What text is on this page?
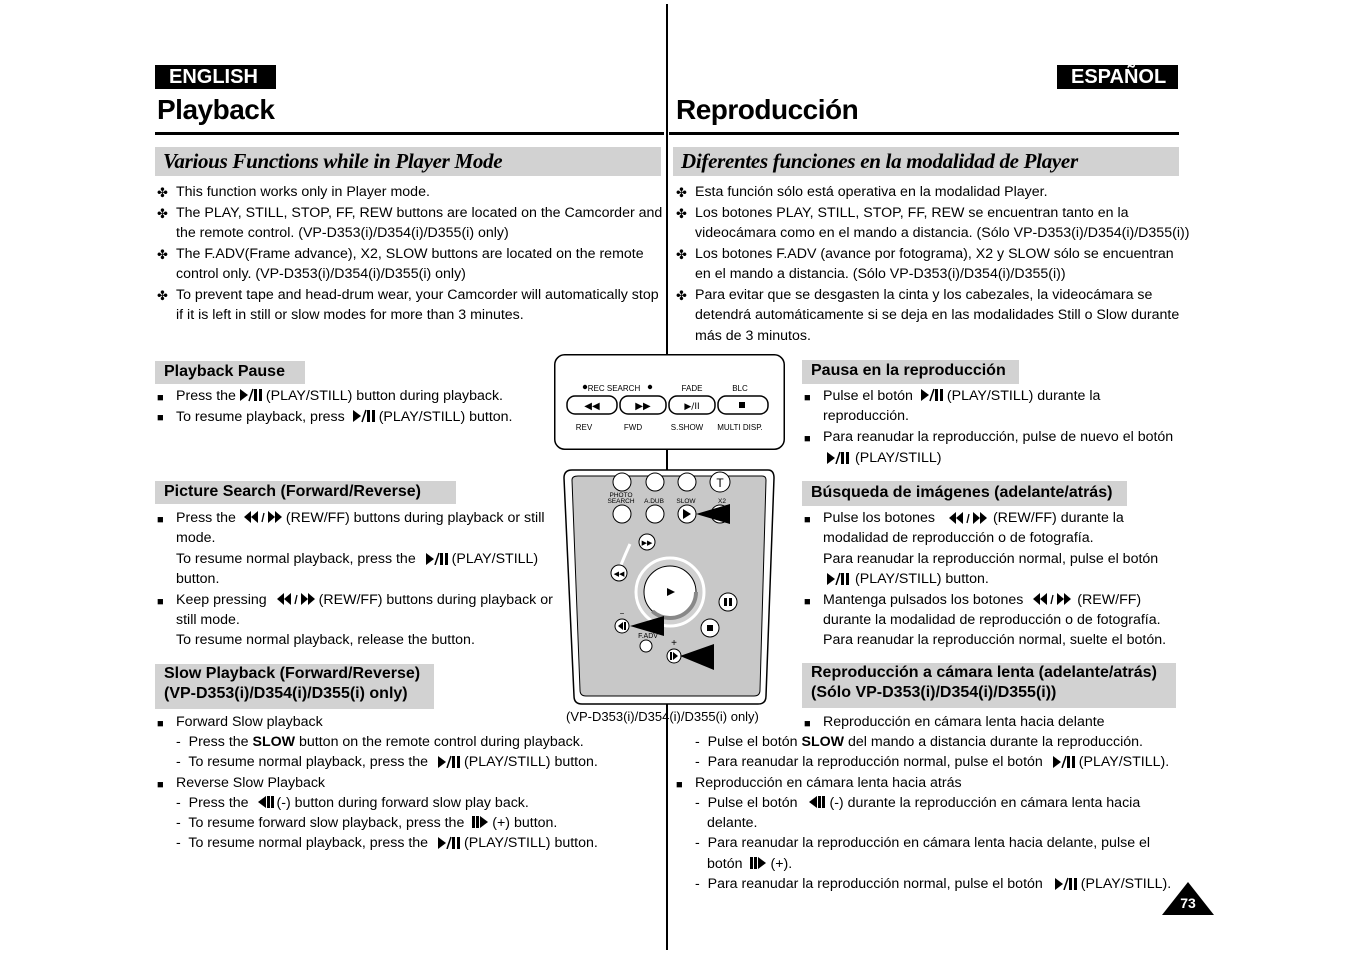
ENGLISH	ESPAÑOL
Playback	Reproducción
Various Functions while in Player Mode	Diferentes funciones en la modalidad de Player
✤ This function works only in Player mode.
✤ The PLAY, STILL, STOP, FF, REW buttons are located on the Camcorder and
the remote control. (VP-D353(i)/D354(i)/D355(i) only)
✤ The F.ADV(Frame advance), X2, SLOW buttons are located on the remote
control only. (VP-D353(i)/D354(i)/D355(i) only)
✤ To prevent tape and head-drum wear, your Camcorder will automatically stop
if it is left in still or slow modes for more than 3 minutes.
✤ Esta función sólo está operativa en la modalidad Player.
✤ Los botones PLAY, STILL, STOP, FF, REW se encuentran tanto en la
videocámara como en el mando a distancia. (Sólo VP-D353(i)/D354(i)/D355(i))
✤ Los botones F.ADV (avance por fotograma), X2 y SLOW sólo se encuentran
en el mando a distancia. (Sólo VP-D353(i)/D354(i)/D355(i))
✤ Para evitar que se desgasten la cinta y los cabezales, la videocámara se
detendrá automáticamente si se deja en las modalidades Still o Slow durante
más de 3 minutos.
Playback Pause
■ Press the (PLAY/STILL) button during playback.
■ To resume playback, press (PLAY/STILL) button.
Picture Search (Forward/Reverse)
■ Press the	(REW/FF) buttons during playback or still
mode.
To resume normal playback, press the	(PLAY/STILL)
button.
■ Keep pressing	(REW/FF) buttons during playback or
still mode.
To resume normal playback, release the button.
Slow Playback (Forward/Reverse)
(VP-D353(i)/D354(i)/D355(i) only)
■ Forward Slow playback
-  Press the SLOW button on the remote control during playback.
-  To resume normal playback, press the	(PLAY/STILL) button.
■ Reverse Slow Playback
-  Press the (-) button during forward slow play back.
-  To resume forward slow playback, press the (+) button.
-  To resume normal playback, press the	(PLAY/STILL) button.
REC SEARCH	FADE	BLC
◀◀	▶▶	▶/II
REV	FWD	S.SHOW MULTI DISP.
T
PHOTO
SEARCH A.DUB SLOW	X2
▶▶
◀◀
−
F.ADV
+
(VP-D353(i)/D354(i)/D355(i) only)
Pausa en la reproducción
■ Pulse el botón (PLAY/STILL) durante la
reproducción.
■ Para reanudar la reproducción, pulse de nuevo el botón
(PLAY/STILL)
Búsqueda de imágenes (adelante/atrás)
■ Pulse los botones	(REW/FF) durante la
modalidad de reproducción o de fotografía.
Para reanudar la reproducción normal, pulse el botón
(PLAY/STILL) button.
■ Mantenga pulsados los botones	(REW/FF)
durante la modalidad de reproducción o de fotografía.
Para reanudar la reproducción normal, suelte el botón.
Reproducción a cámara lenta (adelante/atrás)
(Sólo VP-D353(i)/D354(i)/D355(i))
■ Reproducción en cámara lenta hacia delante
-  Pulse el botón SLOW del mando a distancia durante la reproducción.
-  Para reanudar la reproducción normal, pulse el botón	(PLAY/STILL).
■ Reproducción en cámara lenta hacia atrás
-  Pulse el botón (-) durante la reproducción en cámara lenta hacia
delante.
-  Para reanudar la reproducción en cámara lenta hacia delante, pulse el
botón (+).
-  Para reanudar la reproducción normal, pulse el botón	(PLAY/STILL).
73
